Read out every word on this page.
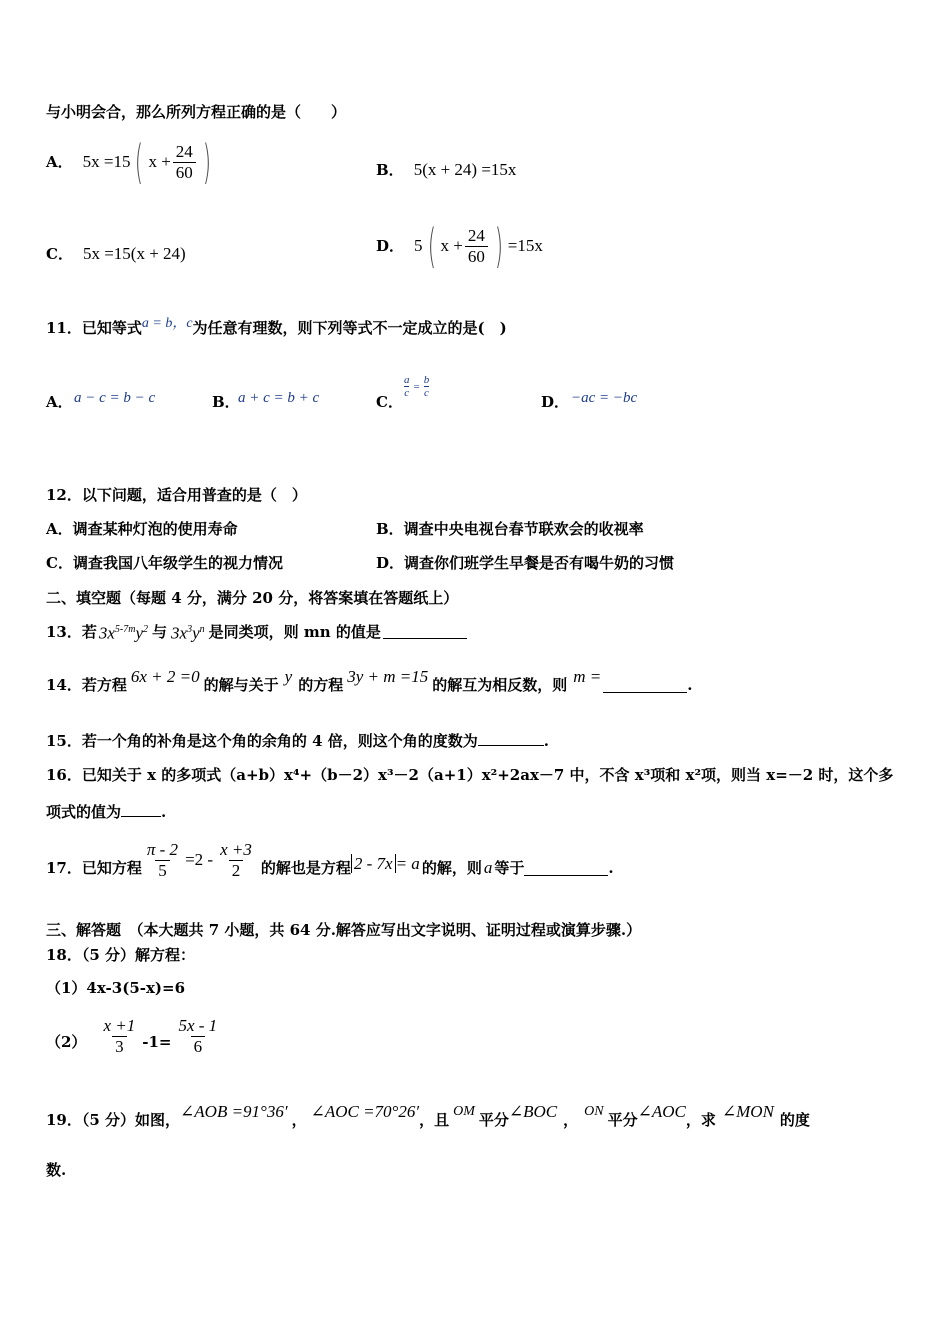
与小明会合，那么所列方程正确的是（　　）
A． 5x =15 ( $x + \frac{24}{60}$ )	B． 5(x + 24) =15x
C． 5x =15(x + 24)	D． 5 ( $x + \frac{24}{60}$ ) =15x
11．已知等式a = b，c为任意有理数，则下列等式不一定成立的是(　)
A． a − c = b − c	B．
a + c = b + c	C．
$\frac{a}{c} = \frac{b}{c}$
D． −ac = −bc
12．以下问题，适合用普查的是（　）
A．调查某种灯泡的使用寿命	B．调查中央电视台春节联欢会的收视率
C．调查我国八年级学生的视力情况	D．调查你们班学生早餐是否有喝牛奶的习惯
二、填空题（每题 4 分，满分 20 分，将答案填在答题纸上）
13．若 $3x^{5-7m}y^2$ 与 $3x^3y^n$ 是同类项，则 mn 的值是
14．若方程 6x + 2 =0 的解与关于 y 的方程 3y + m =15 的解互为相反数，则 m =	.
15．若一个角的补角是这个角的余角的 4 倍，则这个角的度数为	.
16．已知关于 x 的多项式（a+b）x⁴+（b－2）x³－2（a+1）x²+2ax－7 中，不含 x³项和 x²项，则当 x=－2 时，这个多
项式的值为	.
17．已知方程 $\frac{\pi - 2}{5} =2 - \frac{x +3}{2}$ 的解也是方程 2 - 7x = a 的解，则 a 等于	.
三、解答题　（本大题共 7 小题，共 64 分.解答应写出文字说明、证明过程或演算步骤.）
18．（5 分）解方程：
（1）4x-3(5-x)=6
$(2) \frac{x +1}{3} -1= \frac{5x - 1}{6}$
19．（5 分）如图， ∠AOB =91°36′ ， ∠AOC =70°26′ ，且 OM 平分 ∠BOC ， ON 平分 ∠AOC ，求 ∠MON 的度
数.
